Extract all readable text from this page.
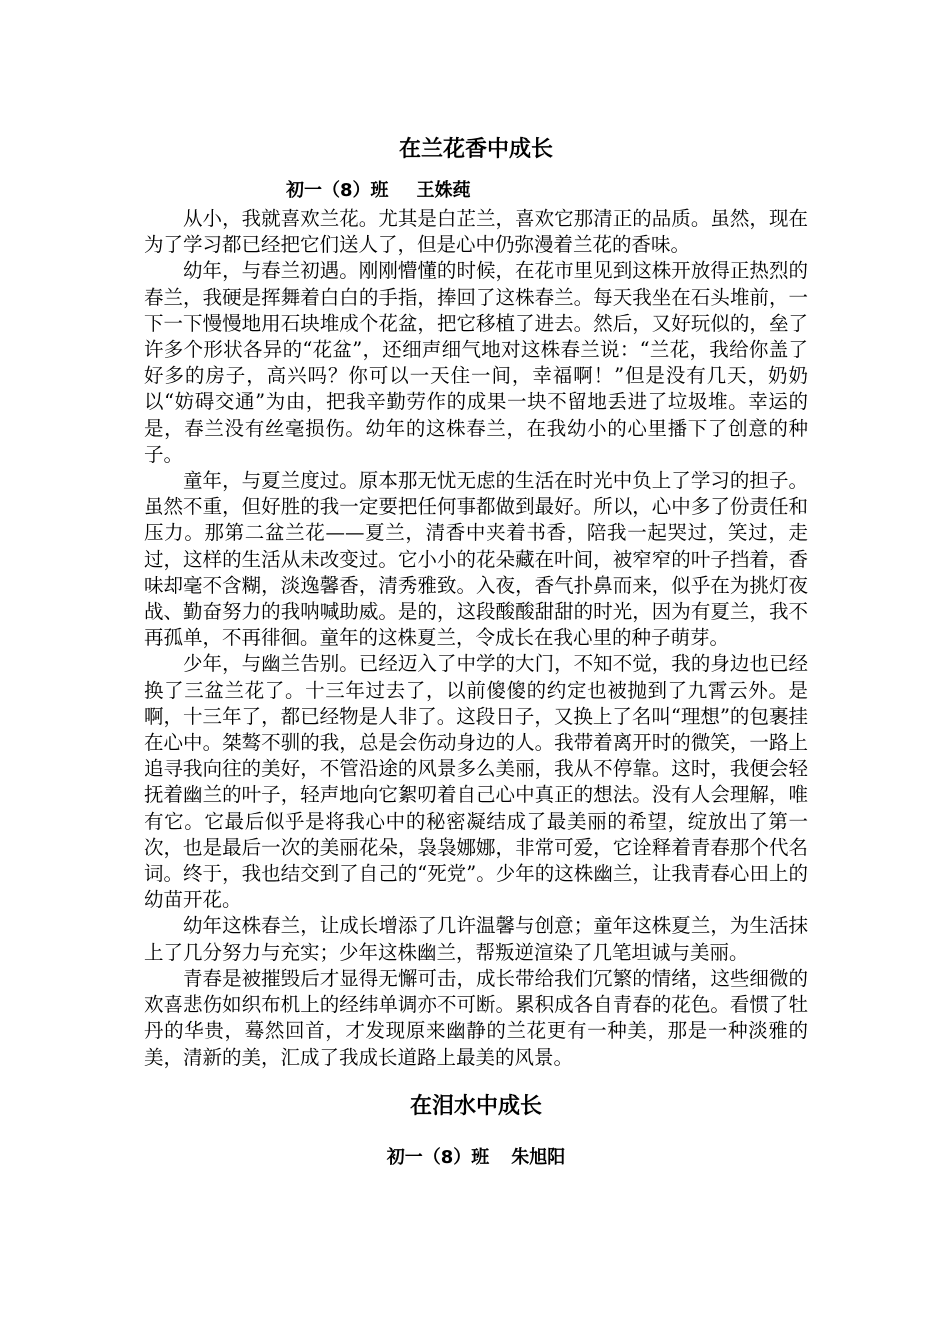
在兰花香中成长

初一（8）班 王姝莼

从小，我就喜欢兰花。尤其是白芷兰，喜欢它那清正的品质。虽然，现在为了学习都已经把它们送人了，但是心中仍弥漫着兰花的香味。

幼年，与春兰初遇。刚刚懵懂的时候，在花市里见到这株开放得正热烈的春兰，我硬是挥舞着白白的手指，捧回了这株春兰。每天我坐在石头堆前，一下一下慢慢地用石块堆成个花盆，把它移植了进去。然后，又好玩似的，垒了许多个形状各异的“花盆”，还细声细气地对这株春兰说：“兰花，我给你盖了好多的房子，高兴吗？你可以一天住一间，幸福啊！”但是没有几天，奶奶以“妨碍交通”为由，把我辛勤劳作的成果一块不留地丢进了垃圾堆。幸运的是，春兰没有丝毫损伤。幼年的这株春兰，在我幼小的心里播下了创意的种子。

童年，与夏兰度过。原本那无忧无虑的生活在时光中负上了学习的担子。虽然不重，但好胜的我一定要把任何事都做到最好。所以，心中多了份责任和压力。那第二盆兰花——夏兰，清香中夹着书香，陪我一起哭过，笑过，走过，这样的生活从未改变过。它小小的花朵藏在叶间，被窄窄的叶子挡着，香味却毫不含糊，淡逸馨香，清秀雅致。入夜，香气扑鼻而来，似乎在为挑灯夜战、勤奋努力的我呐喊助威。是的，这段酸酸甜甜的时光，因为有夏兰，我不再孤单，不再徘徊。童年的这株夏兰，令成长在我心里的种子萌芽。

少年，与幽兰告别。已经迈入了中学的大门，不知不觉，我的身边也已经换了三盆兰花了。十三年过去了，以前傻傻的约定也被抛到了九霄云外。是啊，十三年了，都已经物是人非了。这段日子，又换上了名叫“理想”的包裹挂在心中。桀骜不驯的我，总是会伤动身边的人。我带着离开时的微笑，一路上追寻我向往的美好，不管沿途的风景多么美丽，我从不停靠。这时，我便会轻抚着幽兰的叶子，轻声地向它絮叨着自己心中真正的想法。没有人会理解，唯有它。它最后似乎是将我心中的秘密凝结成了最美丽的希望，绽放出了第一次，也是最后一次的美丽花朵，袅袅娜娜，非常可爱，它诠释着青春那个代名词。终于，我也结交到了自己的“死党”。少年的这株幽兰，让我青春心田上的幼苗开花。

幼年这株春兰，让成长增添了几许温馨与创意；童年这株夏兰，为生活抹上了几分努力与充实；少年这株幽兰，帮叛逆渲染了几笔坦诚与美丽。

青春是被摧毁后才显得无懈可击，成长带给我们冗繁的情绪，这些细微的欢喜悲伤如织布机上的经纬单调亦不可断。累积成各自青春的花色。看惯了牡丹的华贵，蓦然回首，才发现原来幽静的兰花更有一种美，那是一种淡雅的美，清新的美，汇成了我成长道路上最美的风景。

在泪水中成长

初一（8）班 朱旭阳
